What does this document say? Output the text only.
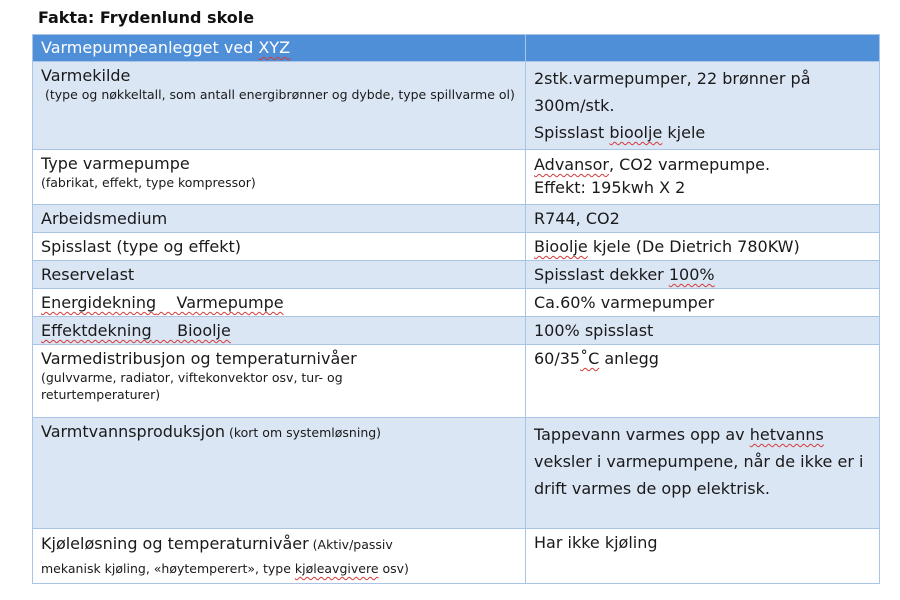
Fakta: Frydenlund skole
Varmepumpeanlegget ved XYZ	

Varmekilde
(type og nøkkeltall, som antall energibrønner og dybde, type spillvarme ol)	2stk.varmepumper, 22 brønner på 300m/stk.
Spisslast bioolje kjele

Type varmepumpe
(fabrikat, effekt, type kompressor)	Advansor, CO2 varmepumpe.
Effekt: 195kwh X 2

Arbeidsmedium	R744, CO2
Spisslast (type og effekt)	Bioolje kjele (De Dietrich 780KW)
Reservelast	Spisslast dekker 100%
Energidekning    Varmepumpe	Ca.60% varmepumper
Effektdekning     Bioolje	100% spisslast

Varmedistribusjon og temperaturnivåer
(gulvvarme, radiator, viftekonvektor osv, tur- og returtemperaturer)	60/35˚C anlegg
Varmtvannsproduksjon (kort om systemløsning)	Tappevann varmes opp av hetvanns veksler i varmepumpene, når de ikke er i drift varmes de opp elektrisk.
Kjøleløsning og temperaturnivåer (Aktiv/passiv
mekanisk kjøling, «høytemperert», type kjøleavgivere osv)	Har ikke kjøling
